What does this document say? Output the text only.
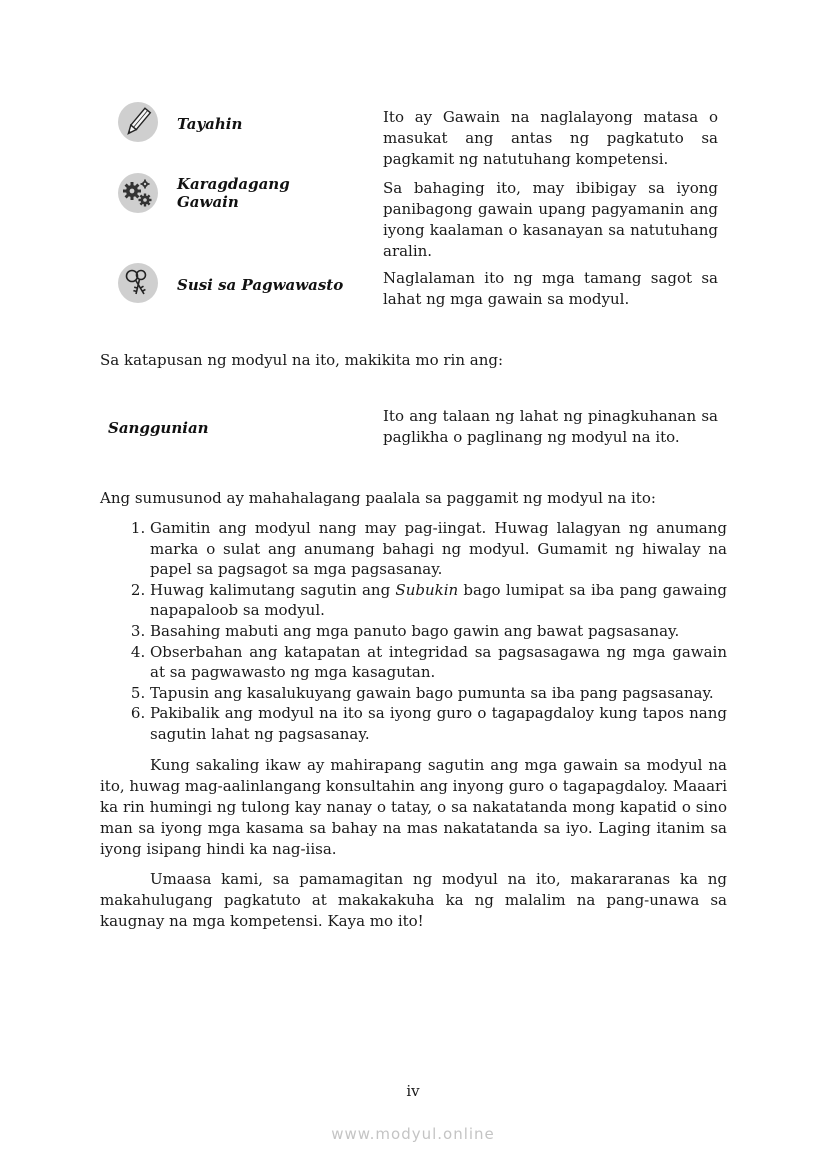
Tayahin	Ito ay Gawain na naglalayong matasa o masukat ang antas ng pagkatuto sa pagkamit ng natutuhang kompetensi.
Karagdagang Gawain
Sa bahaging ito, may ibibigay sa iyong panibagong gawain upang pagyamanin ang iyong kaalaman o kasanayan sa natutuhang aralin.
Susi sa Pagwawasto	Naglalaman ito ng mga tamang sagot sa lahat ng mga gawain sa modyul.
Sa katapusan ng modyul na ito, makikita mo rin ang:
Sanggunian
Ito ang talaan ng lahat ng pinagkuhanan sa paglikha o paglinang ng modyul na ito.
Ang sumusunod ay mahahalagang paalala sa paggamit ng modyul na ito:
1. Gamitin ang modyul nang may pag-iingat. Huwag lalagyan ng anumang marka o sulat ang anumang bahagi ng modyul. Gumamit ng hiwalay na papel sa pagsagot sa mga pagsasanay.
2. Huwag kalimutang sagutin ang Subukin bago lumipat sa iba pang gawaing napapaloob sa modyul.
3. Basahing mabuti ang mga panuto bago gawin ang bawat pagsasanay.
4. Obserbahan ang katapatan at integridad sa pagsasagawa ng mga gawain at sa pagwawasto ng mga kasagutan.
5. Tapusin ang kasalukuyang gawain bago pumunta sa iba pang pagsasanay.
6. Pakibalik ang modyul na ito sa iyong guro o tagapagdaloy kung tapos nang sagutin lahat ng pagsasanay.
Kung sakaling ikaw ay mahirapang sagutin ang mga gawain sa modyul na ito, huwag mag-aalinlangang konsultahin ang inyong guro o tagapagdaloy. Maaari ka rin humingi ng tulong kay nanay o tatay, o sa nakatatanda mong kapatid o sino man sa iyong mga kasama sa bahay na mas nakatatanda sa iyo. Laging itanim sa iyong isipang hindi ka nag-iisa.
Umaasa kami, sa pamamagitan ng modyul na ito, makararanas ka ng makahulugang pagkatuto at makakakuha ka ng malalim na pang-unawa sa kaugnay na mga kompetensi. Kaya mo ito!
iv
www.modyul.online
